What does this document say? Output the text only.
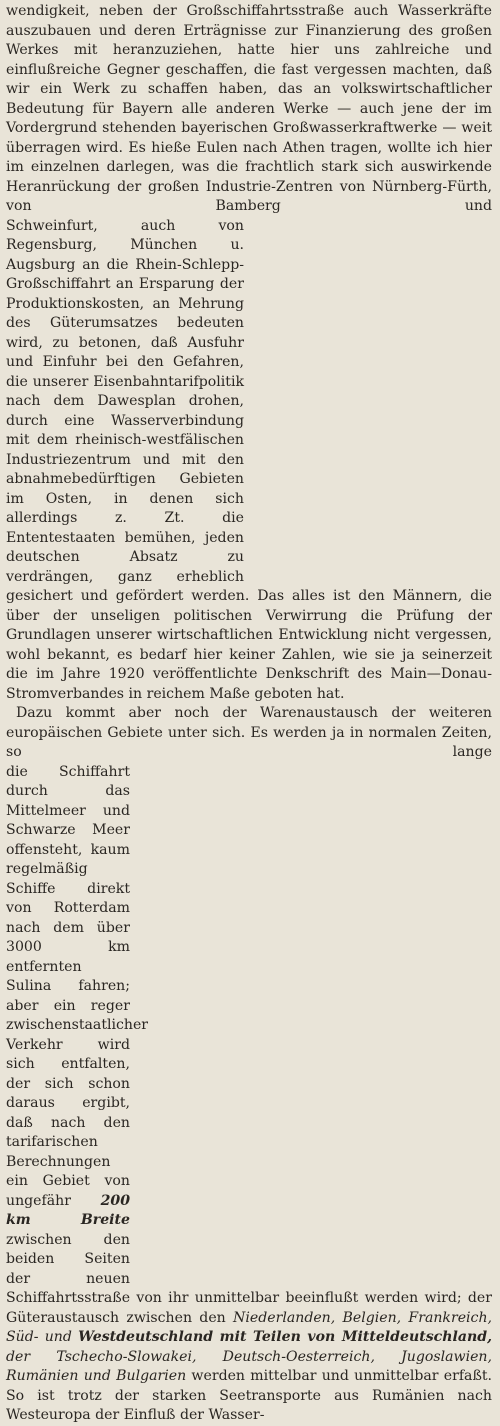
wendigkeit, neben der Großschiffahrtsstraße auch Wasserkräfte auszubauen und deren Erträgnisse zur Finanzierung des großen Werkes mit heranzuziehen, hatte hier uns zahlreiche und einflußreiche Gegner geschaffen, die fast vergessen machten, daß wir ein Werk zu schaffen haben, das an volkswirtschaftlicher Bedeutung für Bayern alle anderen Werke — auch jene der im Vordergrund stehenden bayerischen Großwasserkraftwerke — weit überragen wird. Es hieße Eulen nach Athen tragen, wollte ich hier im einzelnen darlegen, was die frachtlich stark sich auswirkende Heranrückung der großen Industrie-Zentren von Nürnberg-Fürth, von Bamberg und

Schweinfurt, auch von Regensburg, München u. Augsburg an die Rhein-Schlepp-Großschiffahrt an Ersparung der Produktionskosten, an Mehrung des Güterumsatzes bedeuten wird, zu betonen, daß Ausfuhr und Einfuhr bei den Gefahren, die unserer Eisenbahntarifpolitik nach dem Dawesplan drohen, durch eine Wasserverbindung mit dem rheinisch-westfälischen Industriezentrum und mit den abnahmebedürftigen Gebieten im Osten, in denen sich allerdings z. Zt. die Ententestaaten bemühen, jeden deutschen Absatz zu verdrängen, ganz erheblich

gesichert und gefördert werden. Das alles ist den Männern, die über der unseligen politischen Verwirrung die Prüfung der Grundlagen unserer wirtschaftlichen Entwicklung nicht vergessen, wohl bekannt, es bedarf hier keiner Zahlen, wie sie ja seinerzeit die im Jahre 1920 veröffentlichte Denkschrift des Main—Donau-Stromverbandes in reichem Maße geboten hat.

Dazu kommt aber noch der Warenaustausch der weiteren europäischen Gebiete unter sich. Es werden ja in normalen Zeiten, so lange

die Schiffahrt durch das Mittelmeer und Schwarze Meer offensteht, kaum regelmäßig Schiffe direkt von Rotterdam nach dem über 3000 km entfernten Sulina fahren; aber ein reger zwischenstaatlicher Verkehr wird sich entfalten, der sich schon daraus ergibt, daß nach den tarifarischen Berechnungen ein Gebiet von ungefähr 200 km Breite zwischen den beiden Seiten der neuen

Schiffahrtsstraße von ihr unmittelbar beeinflußt werden wird; der Güteraustausch zwischen den Niederlanden, Belgien, Frankreich, Süd- und Westdeutschland mit Teilen von Mitteldeutschland, der Tschecho-Slowakei, Deutsch-Oesterreich, Jugoslawien, Rumänien und Bulgarien werden mittelbar und unmittelbar erfaßt. So ist trotz der starken Seetransporte aus Rumänien nach Westeuropa der Einfluß der Wasser-
